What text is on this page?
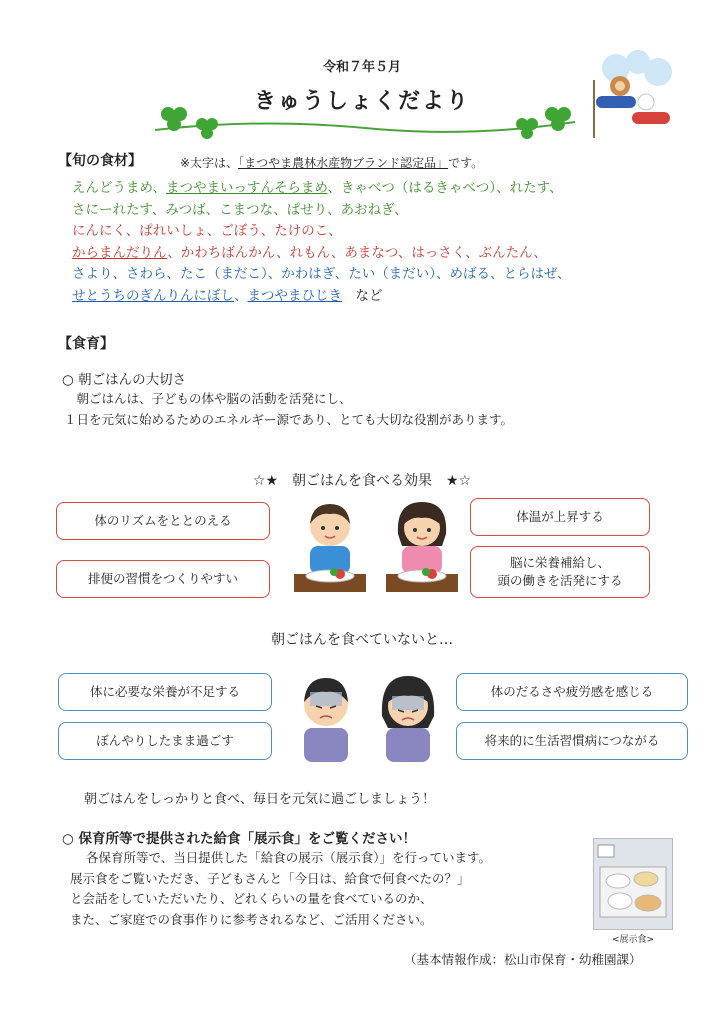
令和７年５月
きゅうしょくだより
【旬の食材】	※太字は、「まつやま農林水産物ブランド認定品」です。
えんどうまめ、まつやまいっすんそらまめ、きゃべつ（はるきゃべつ）、れたす、
さにーれたす、みつば、こまつな、ぱせり、あおねぎ、
にんにく、ぱれいしょ、ごぼう、たけのこ、
からまんだりん、かわちばんかん、れもん、あまなつ、はっさく、ぶんたん、
さより、さわら、たこ（まだこ）、かわはぎ、たい（まだい）、めばる、とらはぜ、
せとうちのぎんりんにぼし、まつやまひじき　など
【食育】
○ 朝ごはんの大切さ
　朝ごはんは、子どもの体や脳の活動を活発にし、
１日を元気に始めるためのエネルギー源であり、とても大切な役割があります。
☆★　朝ごはんを食べる効果　★☆
体のリズムをととのえる
排便の習慣をつくりやすい
体温が上昇する
脳に栄養補給し、
頭の働きを活発にする
朝ごはんを食べていないと…
体に必要な栄養が不足する
ぼんやりしたまま過ごす
体のだるさや疲労感を感じる
将来的に生活習慣病につながる
朝ごはんをしっかりと食べ、毎日を元気に過ごしましょう！
○ 保育所等で提供された給食「展示食」をご覧ください！
各保育所等で、当日提供した「給食の展示（展示食）」を行っています。
展示食をご覧いただき、子どもさんと「今日は、給食で何食べたの？」
と会話をしていただいたり、どれくらいの量を食べているのか、
また、ご家庭での食事作りに参考されるなど、ご活用ください。
<展示食>
（基本情報作成：松山市保育・幼稚園課）
